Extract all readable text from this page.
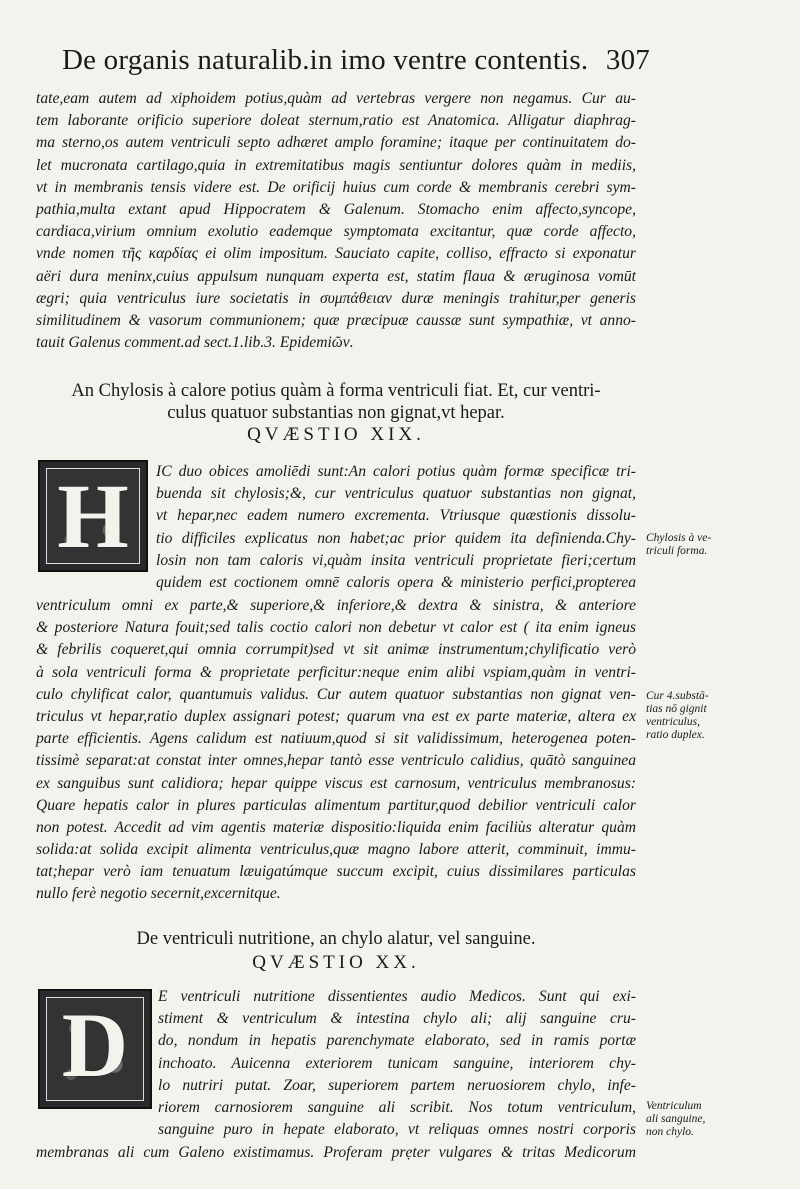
De organis naturalib.in imo ventre contentis. 307
tate,eam autem ad xiphoidem potius,quàm ad vertebras vergere non negamus. Cur au-
tem laborante orificio superiore doleat sternum,ratio est Anatomica. Alligatur diaphrag-
ma sterno,os autem ventriculi septo adhæret amplo foramine; itaque per continuitatem do-
let mucronata cartilago,quia in extremitatibus magis sentiuntur dolores quàm in mediis,
vt in membranis tensis videre est. De orificij huius cum corde & membranis cerebri sym-
pathia,multa extant apud Hippocratem & Galenum. Stomacho enim affecto,syncope,
cardiaca,virium omnium exolutio eademque symptomata excitantur, quæ corde affecto,
vnde nomen τῆς καρδίας ei olim impositum. Sauciato capite, colliso, effracto si exponatur
aëri dura meninx,cuius appulsum nunquam experta est, statim flaua & æruginosa vomūt
ægri; quia ventriculus iure societatis in συμπάθειαν duræ meningis trahitur,per generis
similitudinem & vasorum communionem; quæ præcipuæ caussæ sunt sympathiæ, vt anno-
tauit Galenus comment.ad sect.1.lib.3. Epidemiῶν.
An Chylosis à calore potius quàm à forma ventriculi fiat. Et, cur ventri-
culus quatuor substantias non gignat,vt hepar.
QVÆSTIO XIX.
H	IC duo obices amoliēdi sunt:An calori potius quàm formæ specificæ tri-
buenda sit chylosis;&, cur ventriculus quatuor substantias non gignat,
vt hepar,nec eadem numero excrementa. Vtriusque quæstionis dissolu-
tio difficiles explicatus non habet;ac prior quidem ita definienda.Chy-
losin non tam caloris vi,quàm insita ventriculi proprietate fieri;certum
quidem est coctionem omnē caloris opera & ministerio perfici,propterea
ventriculum omni ex parte,& superiore,& inferiore,& dextra & sinistra, & anteriore
& posteriore Natura fouit;sed talis coctio calori non debetur vt calor est ( ita enim igneus
& febrilis coqueret,qui omnia corrumpit)sed vt sit animæ instrumentum;chylificatio verò
à sola ventriculi forma & proprietate perficitur:neque enim alibi vspiam,quàm in ventri-
culo chylificat calor, quantumuis validus. Cur autem quatuor substantias non gignat ven-
triculus vt hepar,ratio duplex assignari potest; quarum vna est ex parte materiæ, altera ex
parte efficientis. Agens calidum est natiuum,quod si sit validissimum, heterogenea poten-
tissimè separat:at constat inter omnes,hepar tantò esse ventriculo calidius, quātò sanguinea
ex sanguibus sunt calidiora; hepar quippe viscus est carnosum, ventriculus membranosus:
Quare hepatis calor in plures particulas alimentum partitur,quod debilior ventriculi calor
non potest. Accedit ad vim agentis materiæ dispositio:liquida enim faciliùs alteratur quàm
solida:at solida excipit alimenta ventriculus,quæ magno labore atterit, comminuit, immu-
tat;hepar verò iam tenuatum læuigatúmque succum excipit, cuius dissimilares particulas
nullo ferè negotio secernit,excernitque.
Chylosis à ve-
triculi forma.
Cur 4.substā-
tias nō gignit
ventriculus,
ratio duplex.
De ventriculi nutritione, an chylo alatur, vel sanguine.
QVÆSTIO XX.
D	E ventriculi nutritione dissentientes audio Medicos. Sunt qui exi-
stiment & ventriculum & intestina chylo ali; alij sanguine cru-
do, nondum in hepatis parenchymate elaborato, sed in ramis portæ
inchoato. Auicenna exteriorem tunicam sanguine, interiorem chy-
lo nutriri putat. Zoar, superiorem partem neruosiorem chylo, infe-
riorem carnosiorem sanguine ali scribit. Nos totum ventriculum,
sanguine puro in hepate elaborato, vt reliquas omnes nostri corporis
membranas ali cum Galeno existimamus. Proferam prẹter vulgares & tritas Medicorum
Ventriculum
ali sanguine,
non chylo.
